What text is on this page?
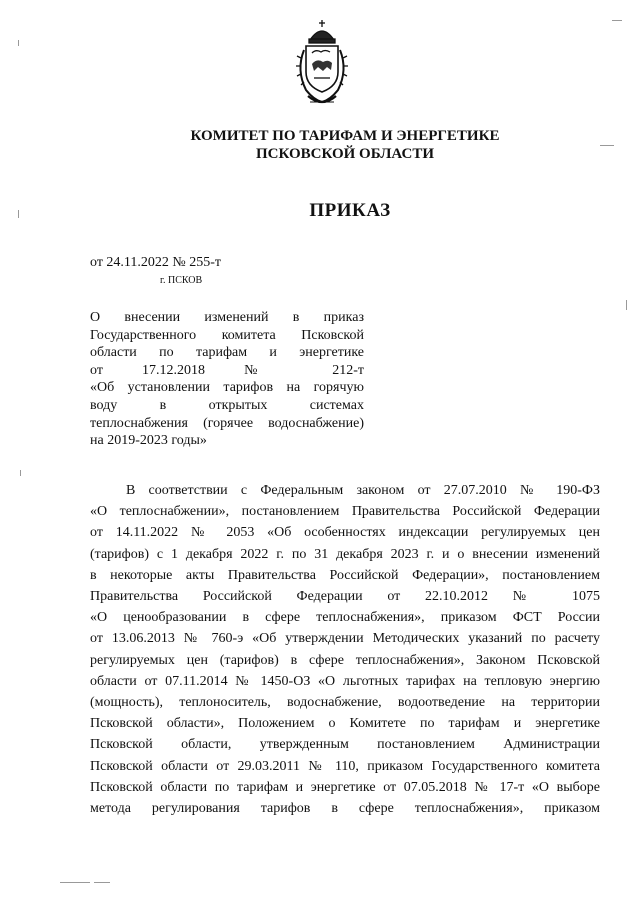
КОМИТЕТ ПО ТАРИФАМ И ЭНЕРГЕТИКЕ
ПСКОВСКОЙ ОБЛАСТИ
ПРИКАЗ
от 24.11.2022 № 255-т
г. ПСКОВ
О внесении изменений в приказ
Государственного комитета Псковской
области по тарифам и энергетике
от 17.12.2018 № 212-т
«Об установлении тарифов на горячую
воду в открытых системах
теплоснабжения (горячее водоснабжение)
на 2019-2023 годы»
В соответствии с Федеральным законом от 27.07.2010 № 190-ФЗ
«О теплоснабжении», постановлением Правительства Российской Федерации
от 14.11.2022 № 2053 «Об особенностях индексации регулируемых цен
(тарифов) с 1 декабря 2022 г. по 31 декабря 2023 г. и о внесении изменений
в некоторые акты Правительства Российской Федерации», постановлением
Правительства Российской Федерации от 22.10.2012 № 1075
«О ценообразовании в сфере теплоснабжения», приказом ФСТ России
от 13.06.2013 № 760-э «Об утверждении Методических указаний по расчету
регулируемых цен (тарифов) в сфере теплоснабжения», Законом Псковской
области от 07.11.2014 № 1450-ОЗ «О льготных тарифах на тепловую энергию
(мощность), теплоноситель, водоснабжение, водоотведение на территории
Псковской области», Положением о Комитете по тарифам и энергетике
Псковской области, утвержденным постановлением Администрации
Псковской области от 29.03.2011 № 110, приказом Государственного комитета
Псковской области по тарифам и энергетике от 07.05.2018 № 17-т «О выборе
метода регулирования тарифов в сфере теплоснабжения», приказом
